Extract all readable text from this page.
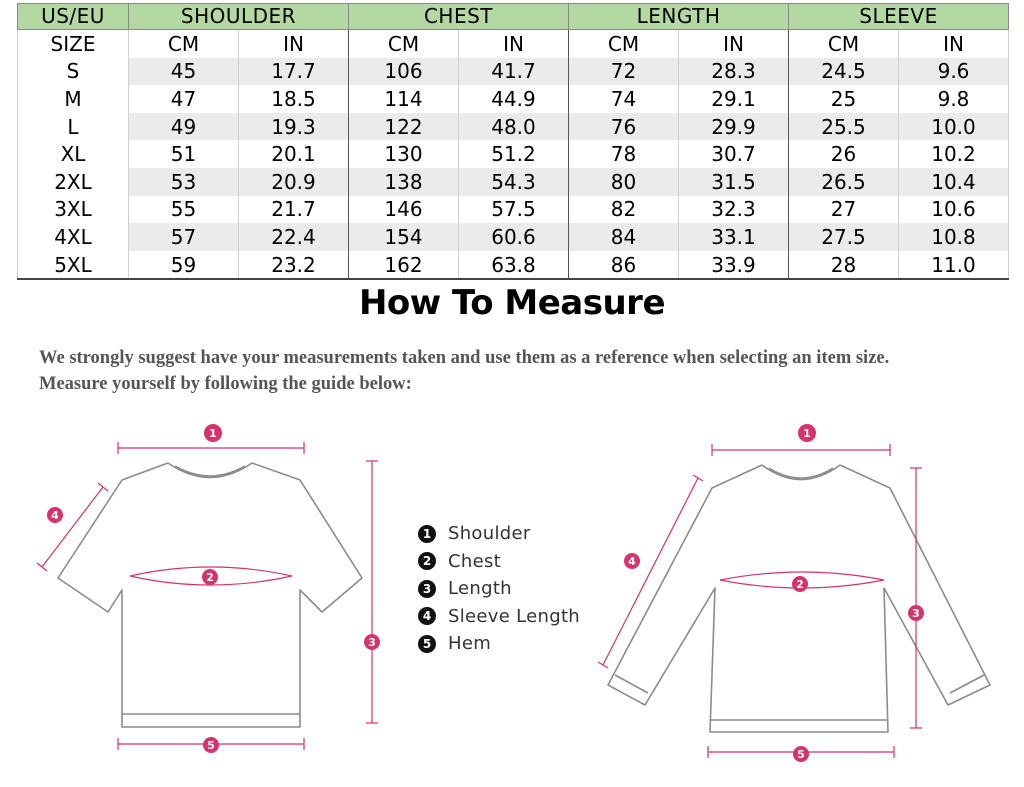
US/EU	SHOULDER		CHEST		LENGTH		SLEEVE	
SIZE	CM	IN	CM	IN	CM	IN	CM	IN
S	45	17.7	106	41.7	72	28.3	24.5	9.6
M	47	18.5	114	44.9	74	29.1	25	9.8
L	49	19.3	122	48.0	76	29.9	25.5	10.0
XL	51	20.1	130	51.2	78	30.7	26	10.2
2XL	53	20.9	138	54.3	80	31.5	26.5	10.4
3XL	55	21.7	146	57.5	82	32.3	27	10.6
4XL	57	22.4	154	60.6	84	33.1	27.5	10.8
5XL	59	23.2	162	63.8	86	33.9	28	11.0
How To Measure
We strongly suggest have your measurements taken and use them as a reference when selecting an item size.
Measure yourself by following the guide below:
1
2
3
4
5
1
2
3
4
5
1 Shoulder
2 Chest
3 Length
4 Sleeve Length
5 Hem
